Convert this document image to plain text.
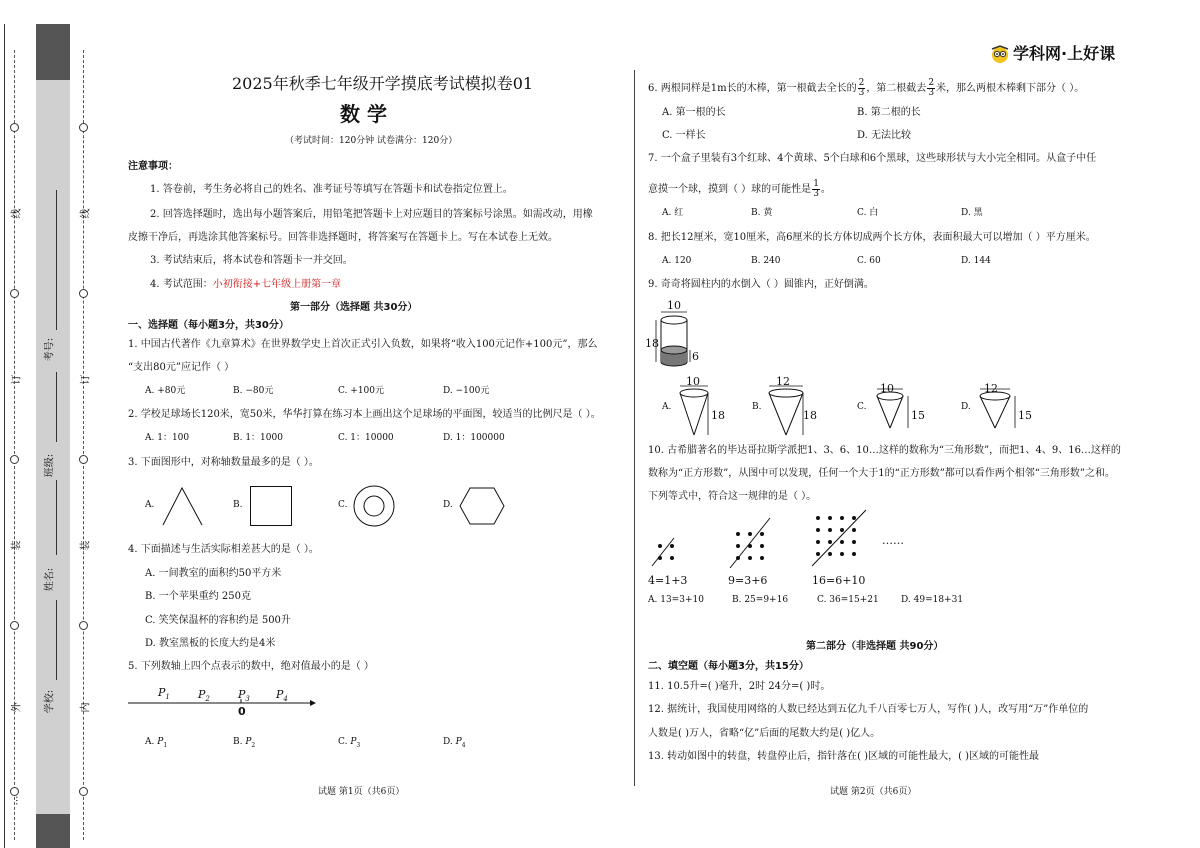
外
装
订
线
…
内
装
订
线
学校:
姓名:
班级:
考号:
学科网·上好课
2025年秋季七年级开学摸底考试模拟卷01
数 学
（考试时间：120分钟 试卷满分：120分）
注意事项：
1. 答卷前，考生务必将自己的姓名、准考证号等填写在答题卡和试卷指定位置上。
2. 回答选择题时，选出每小题答案后，用铅笔把答题卡上对应题目的答案标号涂黑。如需改动，用橡
皮擦干净后，再选涂其他答案标号。回答非选择题时，将答案写在答题卡上。写在本试卷上无效。
3. 考试结束后，将本试卷和答题卡一并交回。
4. 考试范围：小初衔接+七年级上册第一章
第一部分（选择题 共30分）
一、选择题（每小题3分，共30分）
1. 中国古代著作《九章算术》在世界数学史上首次正式引入负数，如果将“收入100元记作+100元”，那么
“支出80元”应记作（ ）
A. +80元	B. −80元	C. +100元	D. −100元
2. 学校足球场长120米，宽50米，华华打算在练习本上画出这个足球场的平面图，较适当的比例尺是（ ）。
A. 1：100	B. 1：1000	C. 1：10000	D. 1：100000
3. 下面图形中，对称轴数量最多的是（ ）。
A.	B.	C.	D.
4. 下面描述与生活实际相差甚大的是（ ）。
A. 一间教室的面积约50平方米
B. 一个苹果重约 250克
C. 笑笑保温杯的容积约是 500升
D. 教室黑板的长度大约是4米
5. 下列数轴上四个点表示的数中，绝对值最小的是（ ）
$P_1$	$P_2$	$P_3$ $P_4$
0
A. $P_1$	B. $P_2$	C. $P_3$	D. $P_4$
试题 第1页（共6页）
6. 两根同样是1m长的木棒，第一根截去全长的 $\frac{2}{3}$ ，第二根截去 $\frac{2}{3}$ 米，那么两根木棒剩下部分（ ）。
A. 第一根的长	B. 第二根的长
C. 一样长	D. 无法比较
7. 一个盒子里装有3个红球、4个黄球、5个白球和6个黑球，这些球形状与大小完全相同。从盒子中任
意摸一个球，摸到（ ）球的可能性是 $\frac{1}{3}$ 。
A. 红	B. 黄	C. 白	D. 黑
8. 把长12厘米，宽10厘米，高6厘米的长方体切成两个长方体，表面积最大可以增加（ ）平方厘米。
A. 120	B. 240	C. 60	D. 144
9. 奇奇将圆柱内的水倒入（ ）圆锥内，正好倒满。
10
18
6
A.
10
18
B.
12
18
C.
10
15
D.
12
15
10. 古希腊著名的毕达哥拉斯学派把1、3、6、10…这样的数称为“三角形数”，而把1、4、9、16…这样的
数称为“正方形数”，从图中可以发现，任何一个大于1的“正方形数”都可以看作两个相邻“三角形数”之和。
下列等式中，符合这一规律的是（ ）。
……
4=1+3	9=3+6	16=6+10
A. 13=3+10	B. 25=9+16	C. 36=15+21 D. 49=18+31
第二部分（非选择题 共90分）
二、填空题（每小题3分，共15分）
11. 10.5升=( )毫升，2时 24分=( )时。
12. 据统计，我国使用网络的人数已经达到五亿九千八百零七万人，写作( )人，改写用“万”作单位的
人数是( )万人，省略“亿”后面的尾数大约是( )亿人。
13. 转动如图中的转盘，转盘停止后，指针落在( )区域的可能性最大，( )区域的可能性最
试题 第2页（共6页）
